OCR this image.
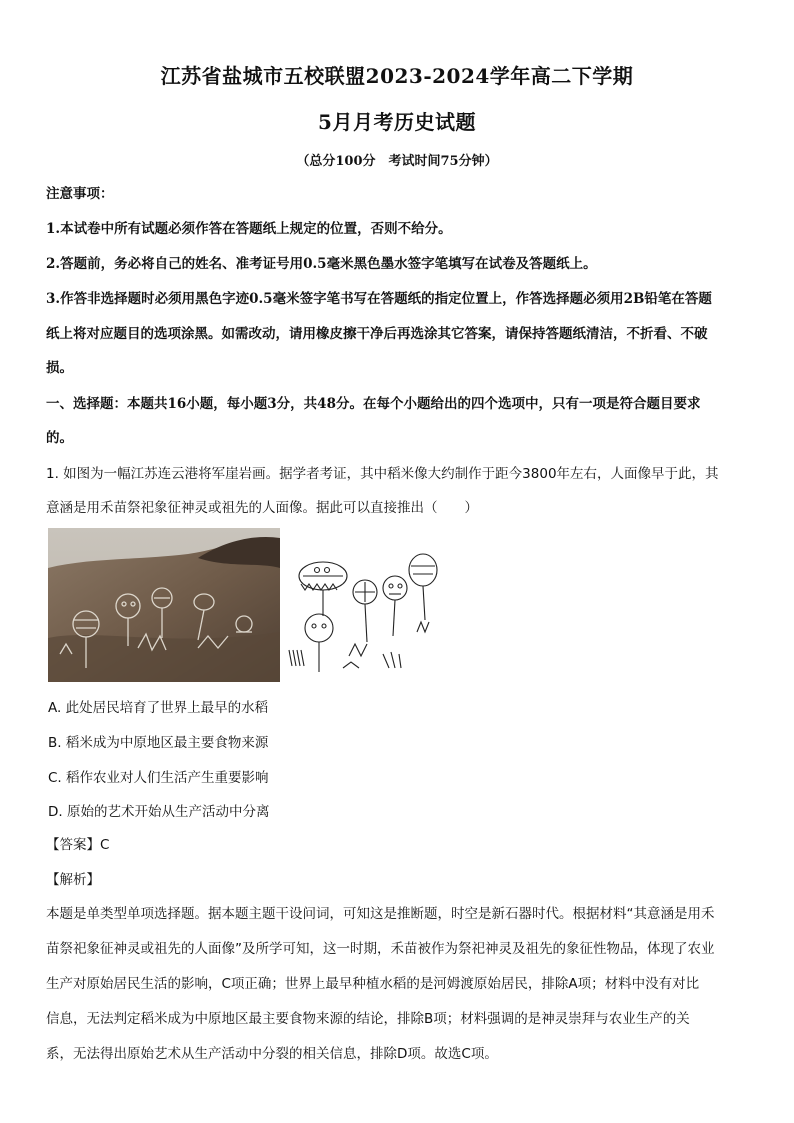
江苏省盐城市五校联盟2023-2024学年高二下学期
5月月考历史试题
（总分100分　考试时间75分钟）
注意事项：
1.本试卷中所有试题必须作答在答题纸上规定的位置，否则不给分。
2.答题前，务必将自己的姓名、准考证号用0.5毫米黑色墨水签字笔填写在试卷及答题纸上。
3.作答非选择题时必须用黑色字迹0.5毫米签字笔书写在答题纸的指定位置上，作答选择题必须用2B铅笔在答题
纸上将对应题目的选项涂黑。如需改动，请用橡皮擦干净后再选涂其它答案，请保持答题纸清洁，不折看、不破
损。
一、选择题：本题共16小题，每小题3分，共48分。在每个小题给出的四个选项中，只有一项是符合题目要求
的。
1. 如图为一幅江苏连云港将军崖岩画。据学者考证，其中稻米像大约制作于距今3800年左右，人面像早于此，其
意涵是用禾苗祭祀象征神灵或祖先的人面像。据此可以直接推出（　　）
A. 此处居民培育了世界上最早的水稻
B. 稻米成为中原地区最主要食物来源
C. 稻作农业对人们生活产生重要影响
D. 原始的艺术开始从生产活动中分离
【答案】C
【解析】
本题是单类型单项选择题。据本题主题干设问词，可知这是推断题，时空是新石器时代。根据材料“其意涵是用禾
苗祭祀象征神灵或祖先的人面像”及所学可知，这一时期，禾苗被作为祭祀神灵及祖先的象征性物品，体现了农业
生产对原始居民生活的影响，C项正确；世界上最早种植水稻的是河姆渡原始居民，排除A项；材料中没有对比
信息，无法判定稻米成为中原地区最主要食物来源的结论，排除B项；材料强调的是神灵崇拜与农业生产的关
系，无法得出原始艺术从生产活动中分裂的相关信息，排除D项。故选C项。
